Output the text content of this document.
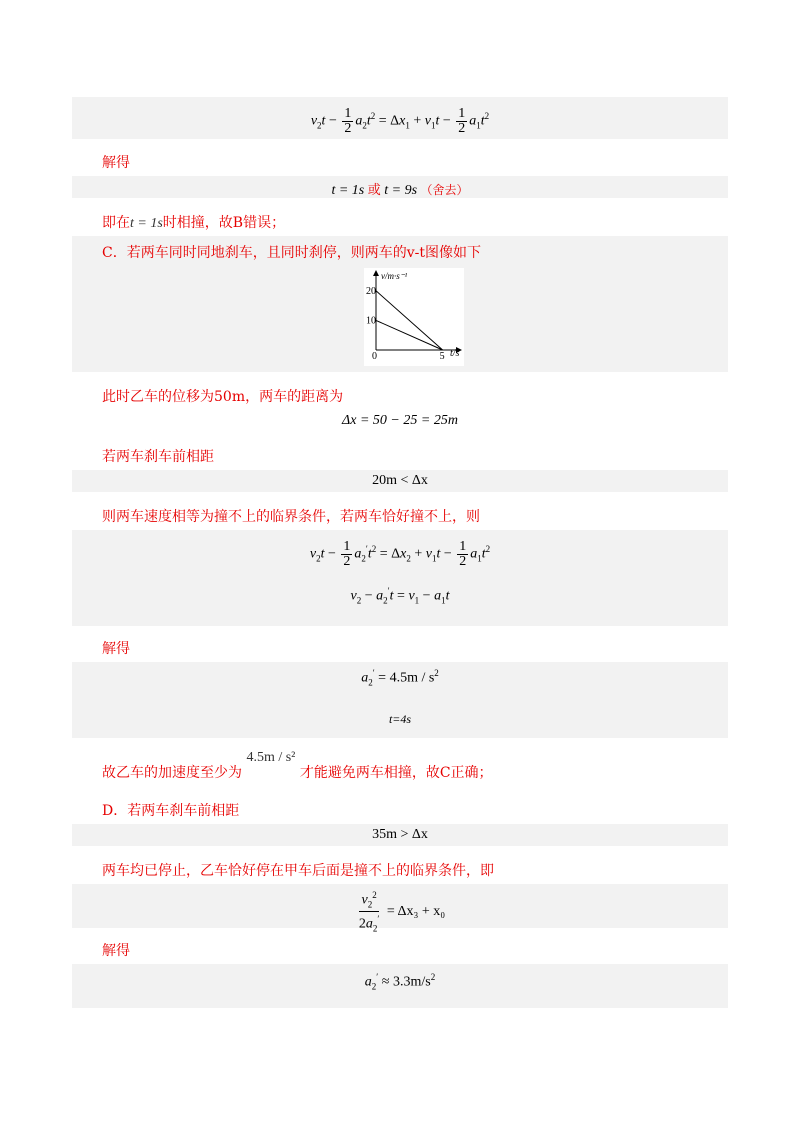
$v_2t - \frac{1}{2} a_2t^2 = \Delta x_1 + v_1t - \frac{1}{2} a_1t^2$
解得
t = 1s 或 t = 9s （舍去）
即在t = 1s时相撞，故B错误；
C．若两车同时同地刹车，且同时刹停，则两车的v-t图像如下
v/m·s⁻¹
t/s
10
20
0	5
此时乙车的位移为50m，两车的距离为
Δx = 50 − 25 = 25m
若两车刹车前相距
20m < Δx
则两车速度相等为撞不上的临界条件，若两车恰好撞不上，则
$v_2t - \frac{1}{2} a_2't^2 = \Delta x_2 + v_1t - \frac{1}{2} a_1t^2$
$v_2 - a_2't = v_1 - a_1t$
解得
$a_2' = 4.5m / s^2$
t=4s
故乙车的加速度至少为 4.5m / s² 才能避免两车相撞，故C正确；
D．若两车刹车前相距
35m > Δx
两车均已停止，乙车恰好停在甲车后面是撞不上的临界条件，即
$\frac{v_2^2}{2a_2'} = \Delta x_3 + x_0$
解得
$a_2' \approx 3.3m/s^2$
